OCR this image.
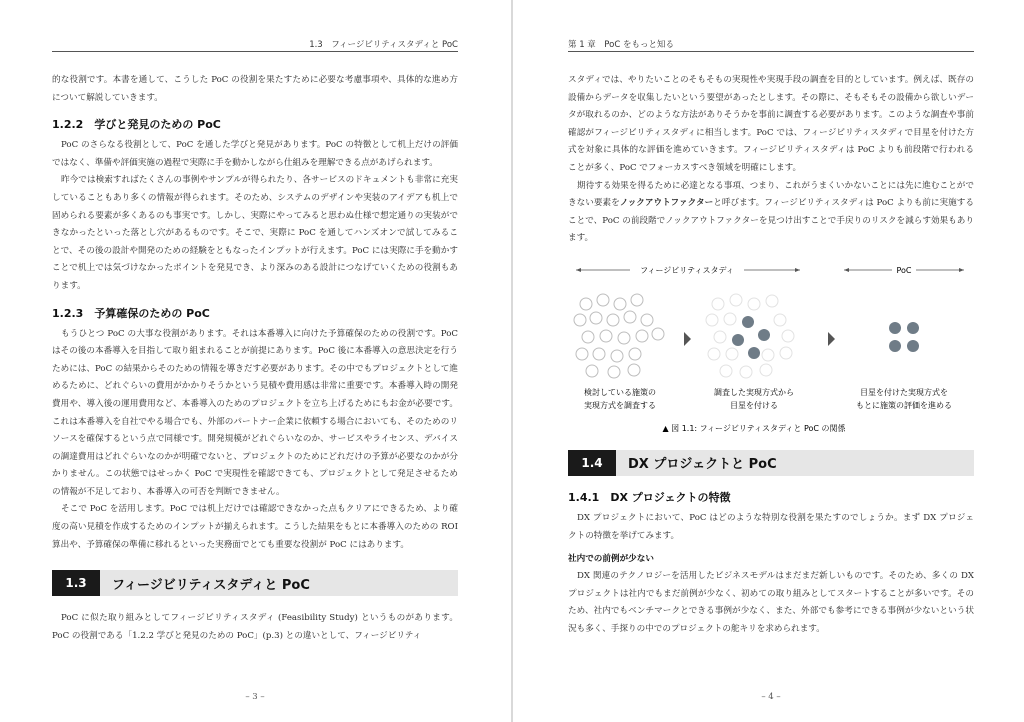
1.3　フィージビリティスタディと PoC

的な役割です。本書を通して、こうした PoC の役割を果たすために必要な考慮事項や、具体的な進め方について解説していきます。

1.2.2　学びと発見のための PoC

PoC のさらなる役割として、PoC を通した学びと発見があります。PoC の特徴として机上だけの評価ではなく、準備や評価実施の過程で実際に手を動かしながら仕組みを理解できる点があげられます。

昨今では検索すればたくさんの事例やサンプルが得られたり、各サービスのドキュメントも非常に充実していることもあり多くの情報が得られます。そのため、システムのデザインや実装のアイデアも机上で固められる要素が多くあるのも事実です。しかし、実際にやってみると思わぬ仕様で想定通りの実装ができなかったといった落とし穴があるものです。そこで、実際に PoC を通してハンズオンで試してみることで、その後の設計や開発のための経験をともなったインプットが行えます。PoC には実際に手を動かすことで机上では気づけなかったポイントを発見でき、より深みのある設計につなげていくための役割もあります。

1.2.3　予算確保のための PoC

もうひとつ PoC の大事な役割があります。それは本番導入に向けた予算確保のための役割です。PoC はその後の本番導入を目指して取り組まれることが前提にあります。PoC 後に本番導入の意思決定を行うためには、PoC の結果からそのための情報を導きだす必要があります。その中でもプロジェクトとして進めるために、どれぐらいの費用がかかりそうかという見積や費用感は非常に重要です。本番導入時の開発費用や、導入後の運用費用など、本番導入のためのプロジェクトを立ち上げるためにもお金が必要です。これは本番導入を自社でやる場合でも、外部のパートナー企業に依頼する場合においても、そのためのリソースを確保するという点で同様です。開発規模がどれぐらいなのか、サービスやライセンス、デバイスの調達費用はどれぐらいなのかが明確でないと、プロジェクトのためにどれだけの予算が必要なのかが分かりません。この状態ではせっかく PoC で実現性を確認できても、プロジェクトとして発足させるための情報が不足しており、本番導入の可否を判断できません。

そこで PoC を活用します。PoC では机上だけでは確認できなかった点もクリアにできるため、より確度の高い見積を作成するためのインプットが揃えられます。こうした結果をもとに本番導入のための ROI 算出や、予算確保の準備に移れるといった実務面でとても重要な役割が PoC にはあります。

1.3	フィージビリティスタディと PoC

PoC に似た取り組みとしてフィージビリティスタディ (Feasibility Study) というものがあります。PoC の役割である「1.2.2 学びと発見のための PoC」(p.3) との違いとして、フィージビリティ

– 3 –
第 1 章　PoC をもっと知る

スタディでは、やりたいことのそもそもの実現性や実現手段の調査を目的としています。例えば、既存の設備からデータを収集したいという要望があったとします。その際に、そもそもその設備から欲しいデータが取れるのか、どのような方法がありそうかを事前に調査する必要があります。このような調査や事前確認がフィージビリティスタディに相当します。PoC では、フィージビリティスタディで目星を付けた方式を対象に具体的な評価を進めていきます。フィージビリティスタディは PoC よりも前段階で行われることが多く、PoC でフォーカスすべき領域を明確にします。

期待する効果を得るために必達となる事項、つまり、これがうまくいかないことには先に進むことができない要素をノックアウトファクターと呼びます。フィージビリティスタディは PoC よりも前に実施することで、PoC の前段階でノックアウトファクターを見つけ出すことで手戻りのリスクを減らす効果もあります。

フィージビリティスタディ	PoC
検討している施策の
実現方式を調査する
調査した実現方式から
目星を付ける
目星を付けた実現方式を
もとに施策の評価を進める
▲ 図 1.1: フィージビリティスタディと PoC の関係
1.4	DX プロジェクトと PoC
1.4.1　DX プロジェクトの特徴

DX プロジェクトにおいて、PoC はどのような特別な役割を果たすのでしょうか。まず DX プロジェクトの特徴を挙げてみます。

社内での前例が少ない

DX 関連のテクノロジーを活用したビジネスモデルはまだまだ新しいものです。そのため、多くの DX プロジェクトは社内でもまだ前例が少なく、初めての取り組みとしてスタートすることが多いです。そのため、社内でもベンチマークとできる事例が少なく、また、外部でも参考にできる事例が少ないという状況も多く、手探りの中でのプロジェクトの舵キリを求められます。

– 4 –
